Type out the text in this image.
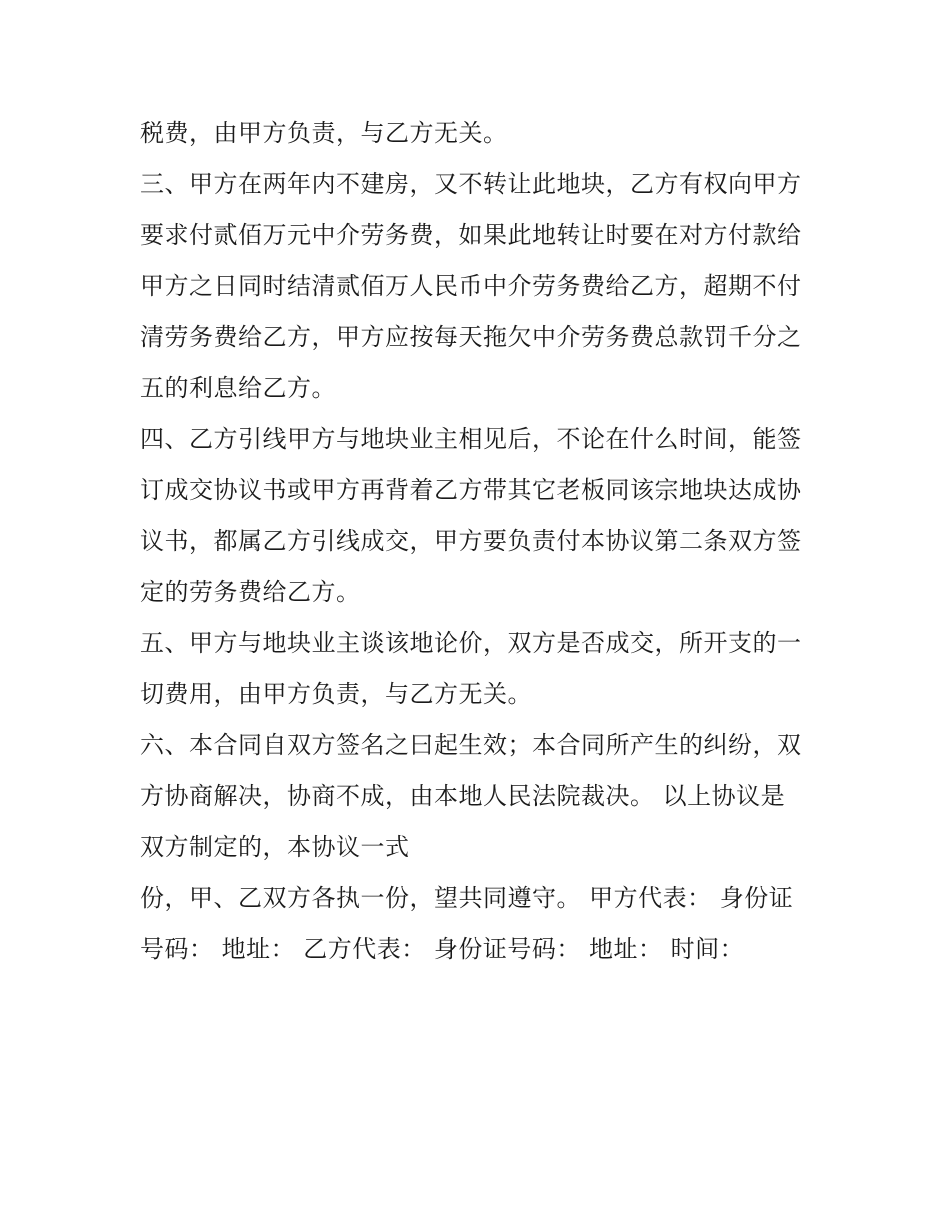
税费，由甲方负责，与乙方无关。
三、甲方在两年内不建房，又不转让此地块，乙方有权向甲方
要求付贰佰万元中介劳务费，如果此地转让时要在对方付款给
甲方之日同时结清贰佰万人民币中介劳务费给乙方，超期不付
清劳务费给乙方，甲方应按每天拖欠中介劳务费总款罚千分之
五的利息给乙方。
四、乙方引线甲方与地块业主相见后，不论在什么时间，能签
订成交协议书或甲方再背着乙方带其它老板同该宗地块达成协
议书，都属乙方引线成交，甲方要负责付本协议第二条双方签
定的劳务费给乙方。
五、甲方与地块业主谈该地论价，双方是否成交，所开支的一
切费用，由甲方负责，与乙方无关。
六、本合同自双方签名之曰起生效；本合同所产生的纠纷，双
方协商解决，协商不成，由本地人民法院裁决。 以上协议是
双方制定的，本协议一式
份，甲、乙双方各执一份，望共同遵守。 甲方代表： 身份证
号码： 地址： 乙方代表： 身份证号码： 地址： 时间：
